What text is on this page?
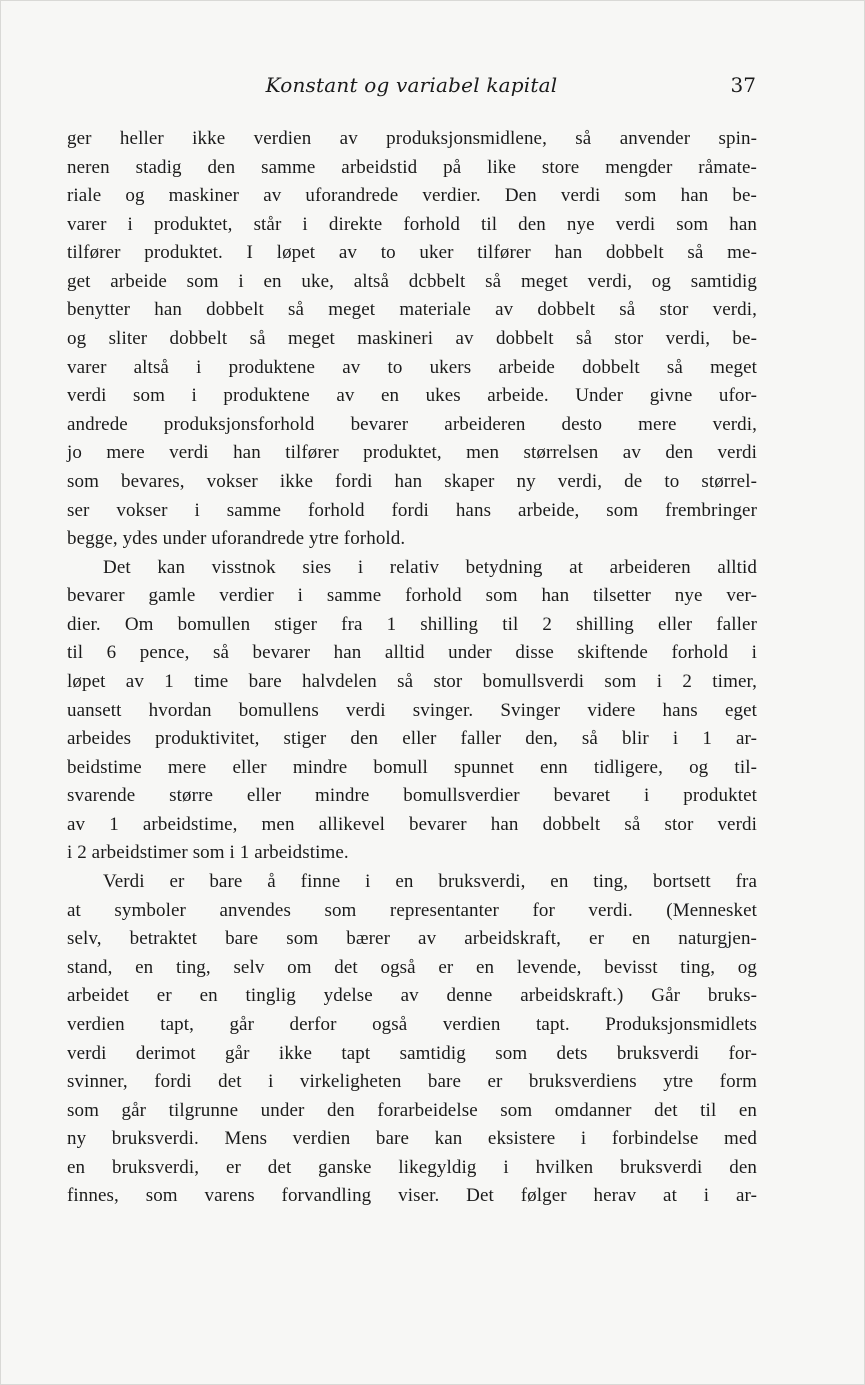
Konstant og variabel kapital	37
ger heller ikke verdien av produksjonsmidlene, så anvender spin-
neren stadig den samme arbeidstid på like store mengder råmate-
riale og maskiner av uforandrede verdier. Den verdi som han be-
varer i produktet, står i direkte forhold til den nye verdi som han
tilfører produktet. I løpet av to uker tilfører han dobbelt så me-
get arbeide som i en uke, altså dcbbelt så meget verdi, og samtidig
benytter han dobbelt så meget materiale av dobbelt så stor verdi,
og sliter dobbelt så meget maskineri av dobbelt så stor verdi, be-
varer altså i produktene av to ukers arbeide dobbelt så meget
verdi som i produktene av en ukes arbeide. Under givne ufor-
andrede produksjonsforhold bevarer arbeideren desto mere verdi,
jo mere verdi han tilfører produktet, men størrelsen av den verdi
som bevares, vokser ikke fordi han skaper ny verdi, de to størrel-
ser vokser i samme forhold fordi hans arbeide, som frembringer
begge, ydes under uforandrede ytre forhold.
Det kan visstnok sies i relativ betydning at arbeideren alltid
bevarer gamle verdier i samme forhold som han tilsetter nye ver-
dier. Om bomullen stiger fra 1 shilling til 2 shilling eller faller
til 6 pence, så bevarer han alltid under disse skiftende forhold i
løpet av 1 time bare halvdelen så stor bomullsverdi som i 2 timer,
uansett hvordan bomullens verdi svinger. Svinger videre hans eget
arbeides produktivitet, stiger den eller faller den, så blir i 1 ar-
beidstime mere eller mindre bomull spunnet enn tidligere, og til-
svarende større eller mindre bomullsverdier bevaret i produktet
av 1 arbeidstime, men allikevel bevarer han dobbelt så stor verdi
i 2 arbeidstimer som i 1 arbeidstime.
Verdi er bare å finne i en bruksverdi, en ting, bortsett fra
at symboler anvendes som representanter for verdi. (Mennesket
selv, betraktet bare som bærer av arbeidskraft, er en naturgjen-
stand, en ting, selv om det også er en levende, bevisst ting, og
arbeidet er en tinglig ydelse av denne arbeidskraft.) Går bruks-
verdien tapt, går derfor også verdien tapt. Produksjonsmidlets
verdi derimot går ikke tapt samtidig som dets bruksverdi for-
svinner, fordi det i virkeligheten bare er bruksverdiens ytre form
som går tilgrunne under den forarbeidelse som omdanner det til en
ny bruksverdi. Mens verdien bare kan eksistere i forbindelse med
en bruksverdi, er det ganske likegyldig i hvilken bruksverdi den
finnes, som varens forvandling viser. Det følger herav at i ar-
